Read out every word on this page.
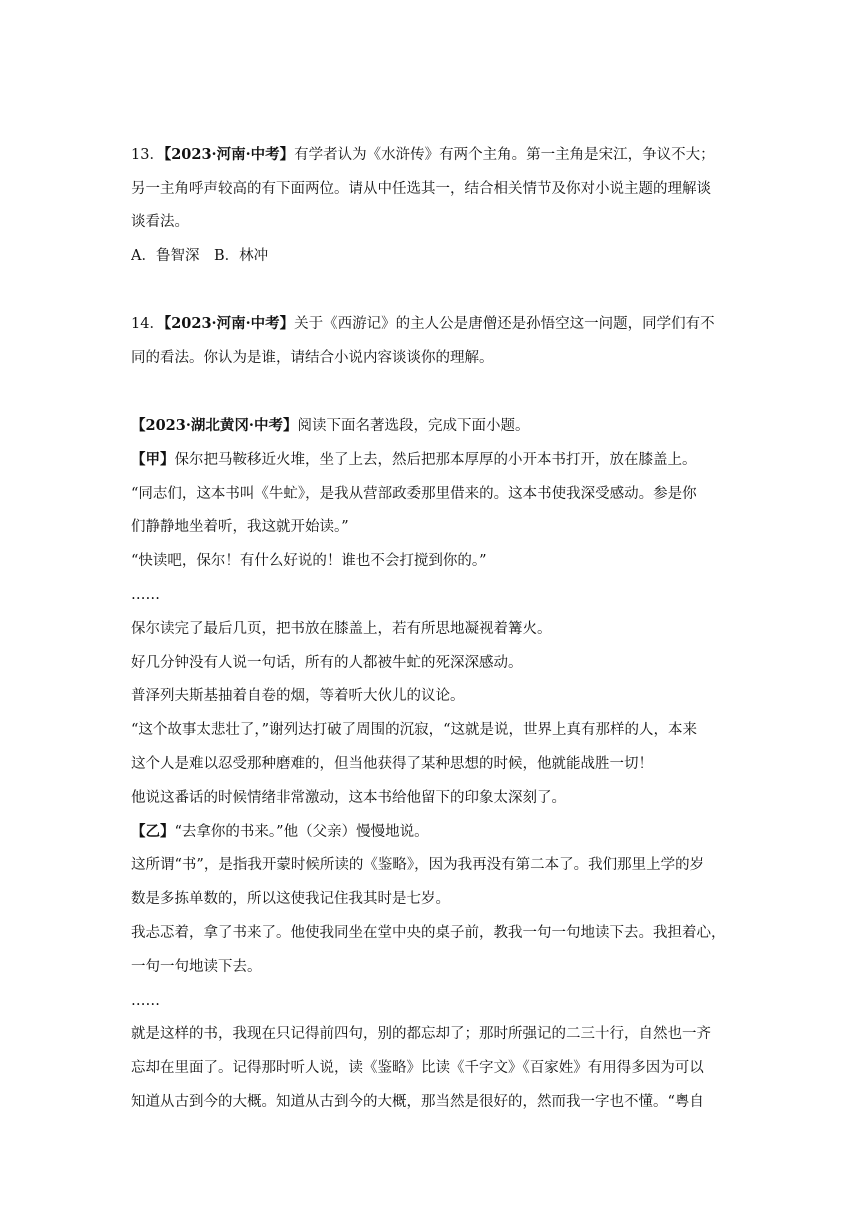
13．【2023·河南·中考】有学者认为《水浒传》有两个主角。第一主角是宋江，争议不大；
另一主角呼声较高的有下面两位。请从中任选其一，结合相关情节及你对小说主题的理解谈
谈看法。
A．鲁智深　B．林冲
14．【2023·河南·中考】关于《西游记》的主人公是唐僧还是孙悟空这一问题，同学们有不
同的看法。你认为是谁，请结合小说内容谈谈你的理解。
【2023·湖北黄冈·中考】阅读下面名著选段，完成下面小题。
【甲】保尔把马鞍移近火堆，坐了上去，然后把那本厚厚的小开本书打开，放在膝盖上。
“同志们，这本书叫《牛虻》，是我从营部政委那里借来的。这本书使我深受感动。参是你
们静静地坐着听，我这就开始读。”
“快读吧，保尔！有什么好说的！谁也不会打搅到你的。”
……
保尔读完了最后几页，把书放在膝盖上，若有所思地凝视着篝火。
好几分钟没有人说一句话，所有的人都被牛虻的死深深感动。
普泽列夫斯基抽着自卷的烟，等着听大伙儿的议论。
“这个故事太悲壮了，”谢列达打破了周围的沉寂，“这就是说，世界上真有那样的人，本来
这个人是难以忍受那种磨难的，但当他获得了某种思想的时候，他就能战胜一切！
他说这番话的时候情绪非常激动，这本书给他留下的印象太深刻了。
【乙】“去拿你的书来。”他（父亲）慢慢地说。
这所谓“书”，是指我开蒙时候所读的《鉴略》，因为我再没有第二本了。我们那里上学的岁
数是多拣单数的，所以这使我记住我其时是七岁。
我忐忑着，拿了书来了。他使我同坐在堂中央的桌子前，教我一句一句地读下去。我担着心，
一句一句地读下去。
……
就是这样的书，我现在只记得前四句，别的都忘却了；那时所强记的二三十行，自然也一齐
忘却在里面了。记得那时听人说，读《鉴略》比读《千字文》《百家姓》有用得多因为可以
知道从古到今的大概。知道从古到今的大概，那当然是很好的，然而我一字也不懂。“粤自
